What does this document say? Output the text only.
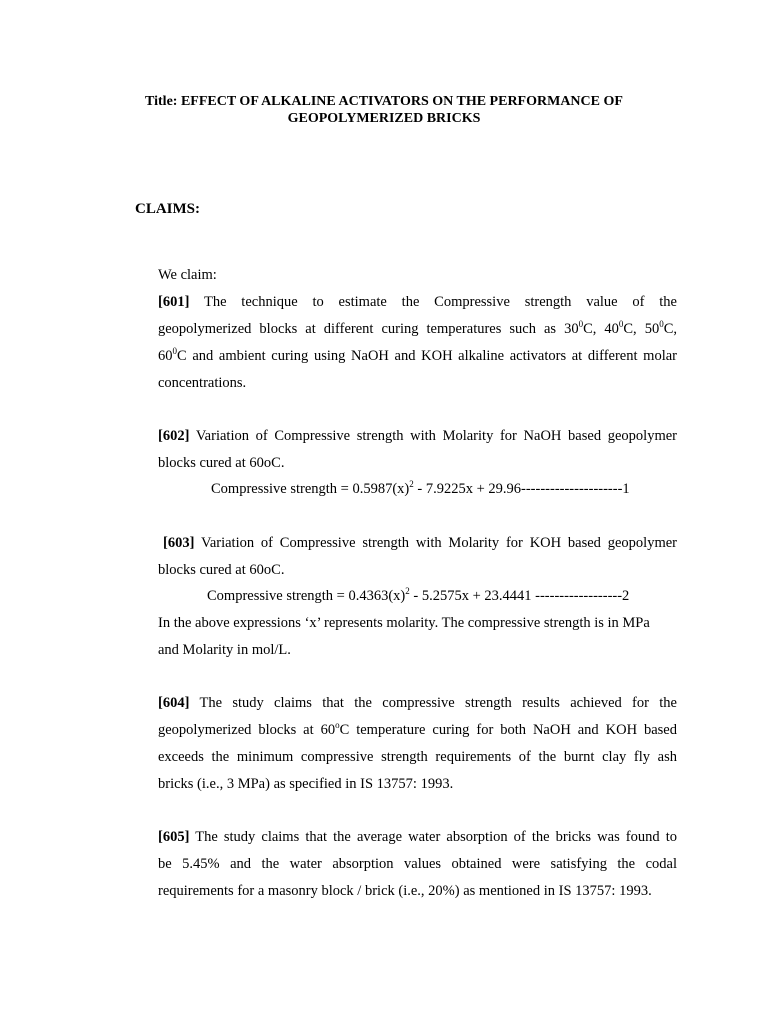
Title: EFFECT OF ALKALINE ACTIVATORS ON THE PERFORMANCE OF
GEOPOLYMERIZED BRICKS
CLAIMS:
We claim:
[601] The technique to estimate the Compressive strength value of the
geopolymerized blocks at different curing temperatures such as $30^0C$, $40^0C$, $50^0C$,
$60^0C$ and ambient curing using NaOH and KOH alkaline activators at different molar
concentrations.
[602] Variation of Compressive strength with Molarity for NaOH based geopolymer
blocks cured at 60oC.
Compressive strength = $0.5987(x)^2 - 7.9225x + 29.96---------------------1$
[603] Variation of Compressive strength with Molarity for KOH based geopolymer
blocks cured at 60oC.
Compressive strength = $0.4363(x)^2 - 5.2575x + 23.4441$ ------------------2
In the above expressions ‘x’ represents molarity. The compressive strength is in MPa
and Molarity in mol/L.
[604] The study claims that the compressive strength results achieved for the
geopolymerized blocks at 60$^o$C temperature curing for both NaOH and KOH based
exceeds the minimum compressive strength requirements of the burnt clay fly ash
bricks (i.e., 3 MPa) as specified in IS 13757: 1993.
[605] The study claims that the average water absorption of the bricks was found to
be 5.45% and the water absorption values obtained were satisfying the codal
requirements for a masonry block / brick (i.e., 20%) as mentioned in IS 13757: 1993.
